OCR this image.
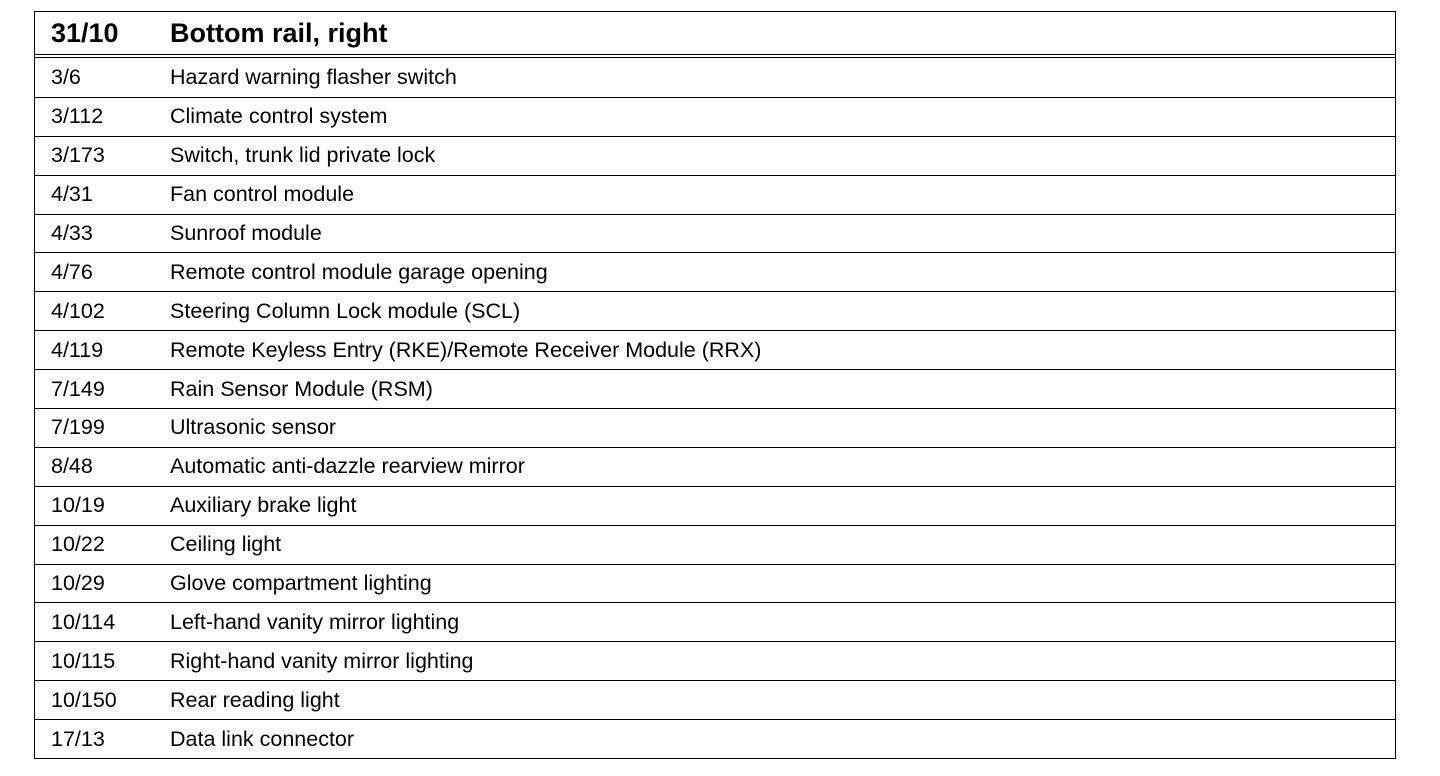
31/10	Bottom rail, right
3/6	Hazard warning flasher switch
3/112	Climate control system
3/173	Switch, trunk lid private lock
4/31	Fan control module
4/33	Sunroof module
4/76	Remote control module garage opening
4/102	Steering Column Lock module (SCL)
4/119	Remote Keyless Entry (RKE)/Remote Receiver Module (RRX)
7/149	Rain Sensor Module (RSM)
7/199	Ultrasonic sensor
8/48	Automatic anti-dazzle rearview mirror
10/19	Auxiliary brake light
10/22	Ceiling light
10/29	Glove compartment lighting
10/114	Left-hand vanity mirror lighting
10/115	Right-hand vanity mirror lighting
10/150	Rear reading light
17/13	Data link connector
